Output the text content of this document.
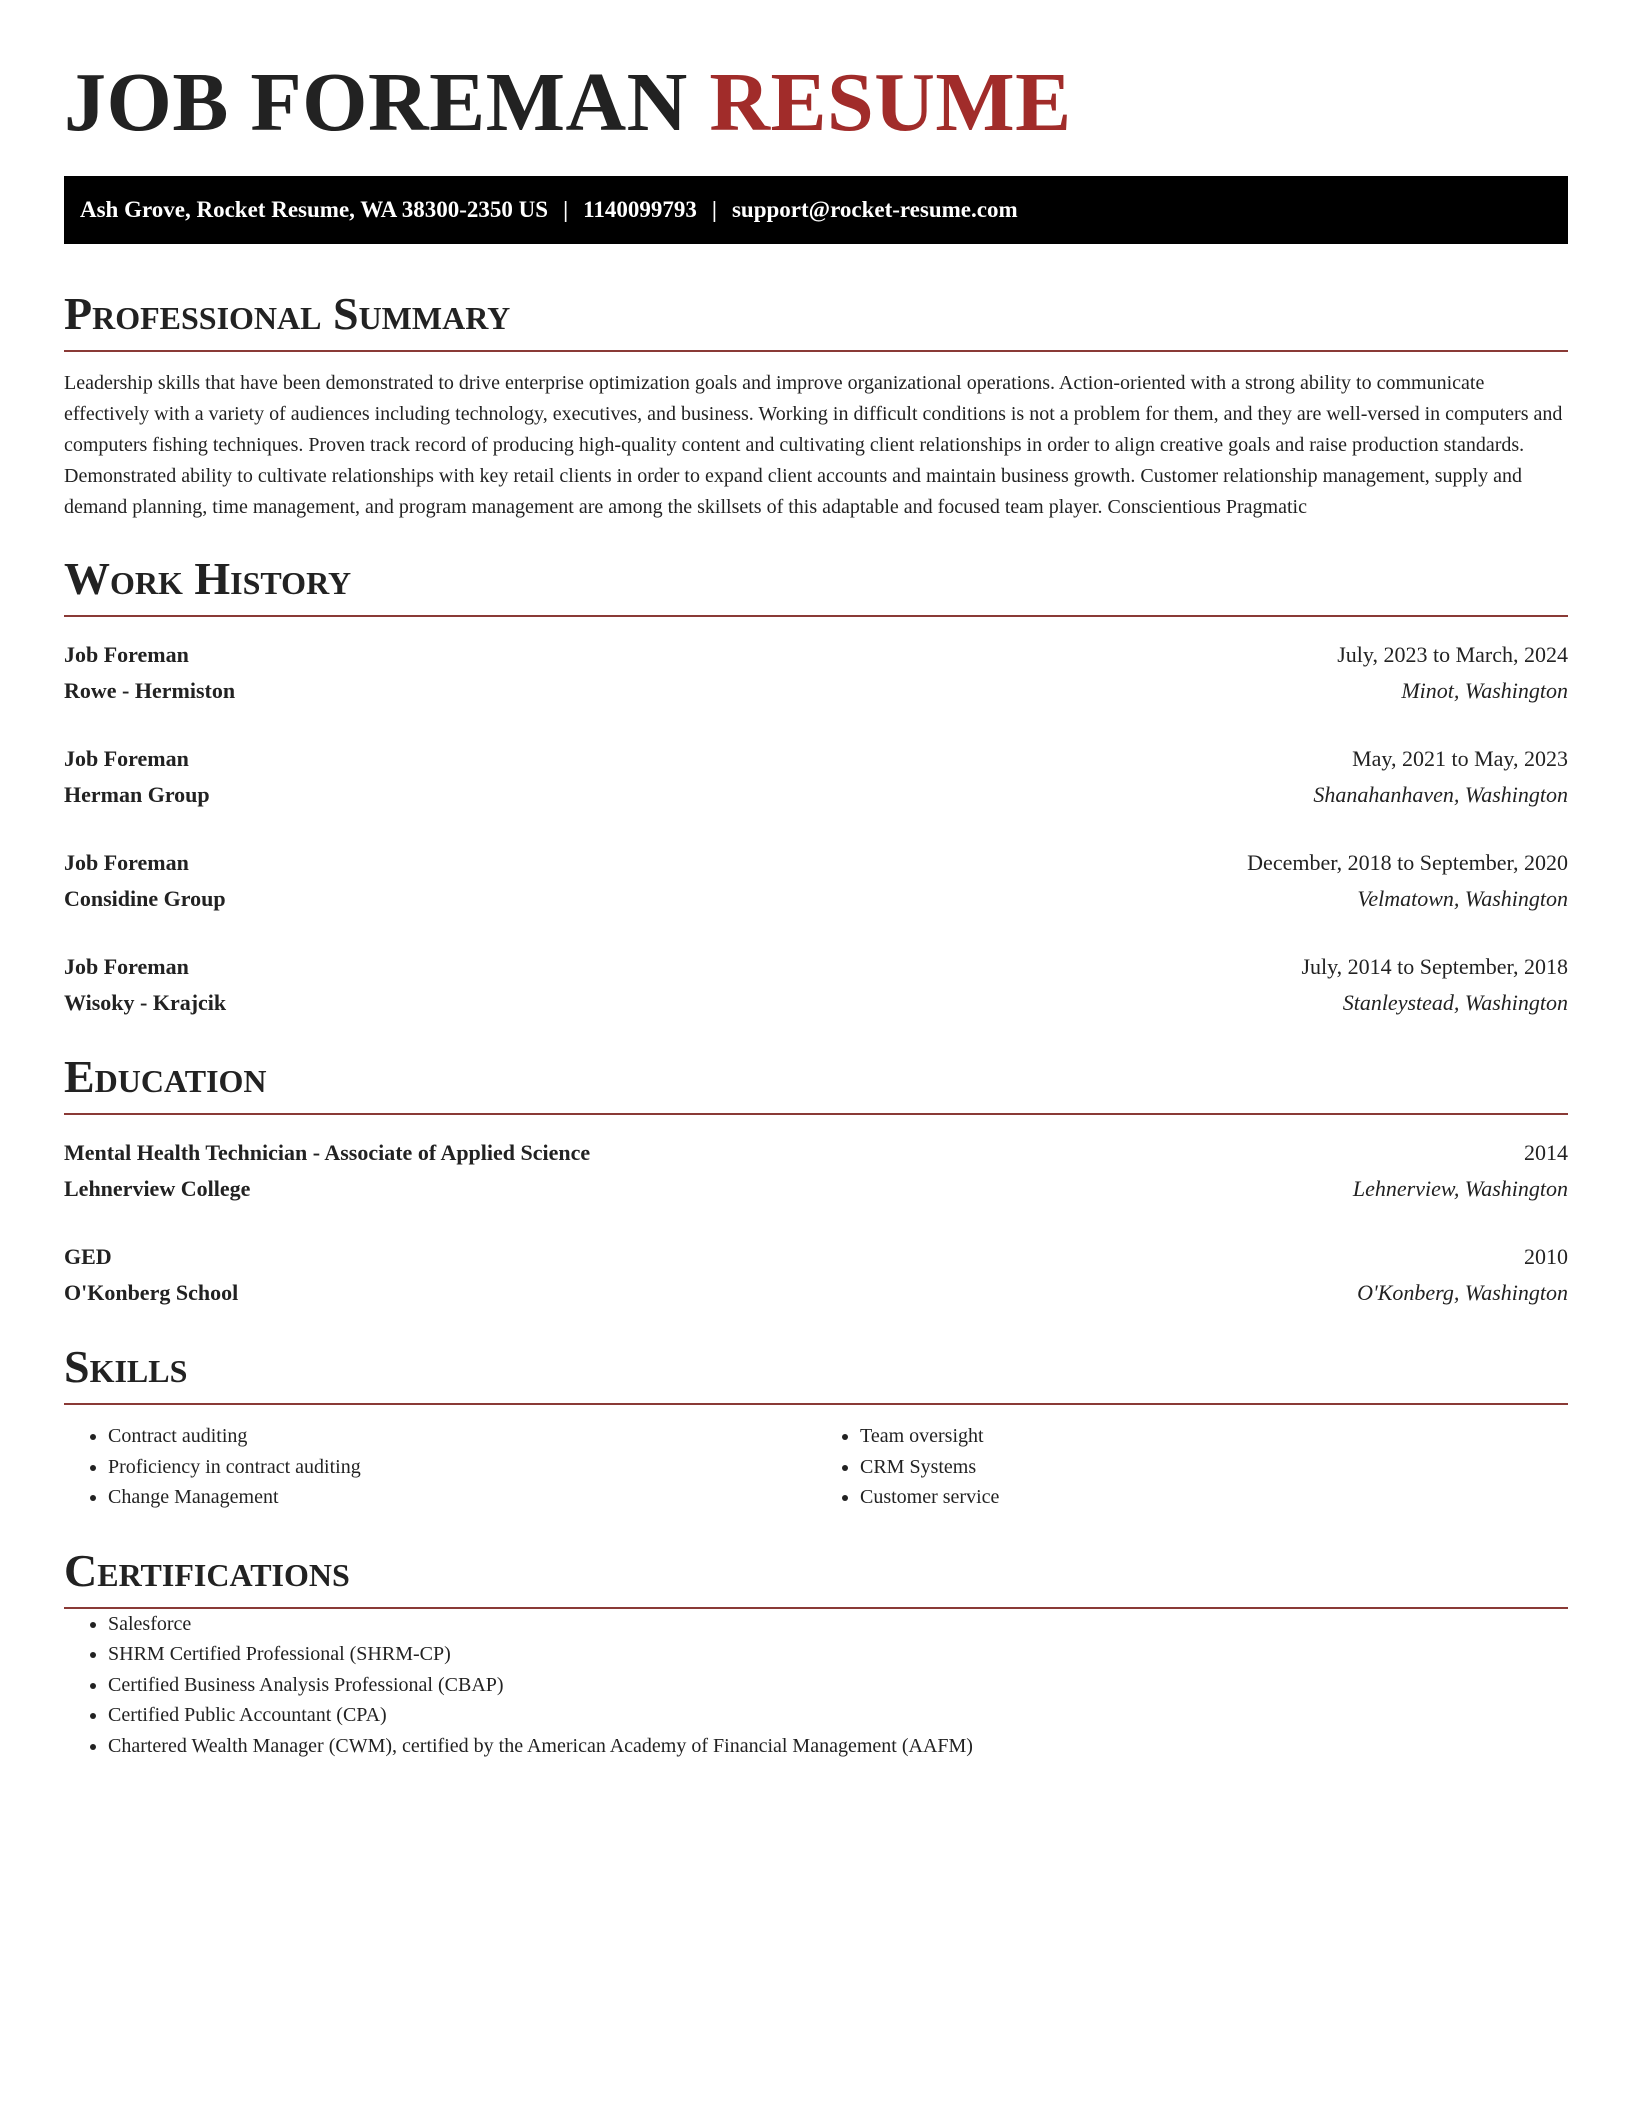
JOB FOREMAN RESUME
Ash Grove, Rocket Resume, WA 38300-2350 US | 1140099793 | support@rocket-resume.com
Professional Summary

Leadership skills that have been demonstrated to drive enterprise optimization goals and improve organizational operations. Action-oriented with a strong ability to communicate effectively with a variety of audiences including technology, executives, and business. Working in difficult conditions is not a problem for them, and they are well-versed in computers and computers fishing techniques. Proven track record of producing high-quality content and cultivating client relationships in order to align creative goals and raise production standards. Demonstrated ability to cultivate relationships with key retail clients in order to expand client accounts and maintain business growth. Customer relationship management, supply and demand planning, time management, and program management are among the skillsets of this adaptable and focused team player. Conscientious Pragmatic

Work History
Job Foreman	July, 2023 to March, 2024
Rowe - Hermiston	Minot, Washington
Job Foreman	May, 2021 to May, 2023
Herman Group	Shanahanhaven, Washington
Job Foreman	December, 2018 to September, 2020
Considine Group	Velmatown, Washington
Job Foreman	July, 2014 to September, 2018
Wisoky - Krajcik	Stanleystead, Washington
Education
Mental Health Technician - Associate of Applied Science	2014
Lehnerview College	Lehnerview, Washington
GED	2010
O'Konberg School	O'Konberg, Washington
Skills
• Contract auditing
• Proficiency in contract auditing
• Change Management
• Team oversight
• CRM Systems
• Customer service
Certifications
• Salesforce
• SHRM Certified Professional (SHRM-CP)
• Certified Business Analysis Professional (CBAP)
• Certified Public Accountant (CPA)
• Chartered Wealth Manager (CWM), certified by the American Academy of Financial Management (AAFM)
